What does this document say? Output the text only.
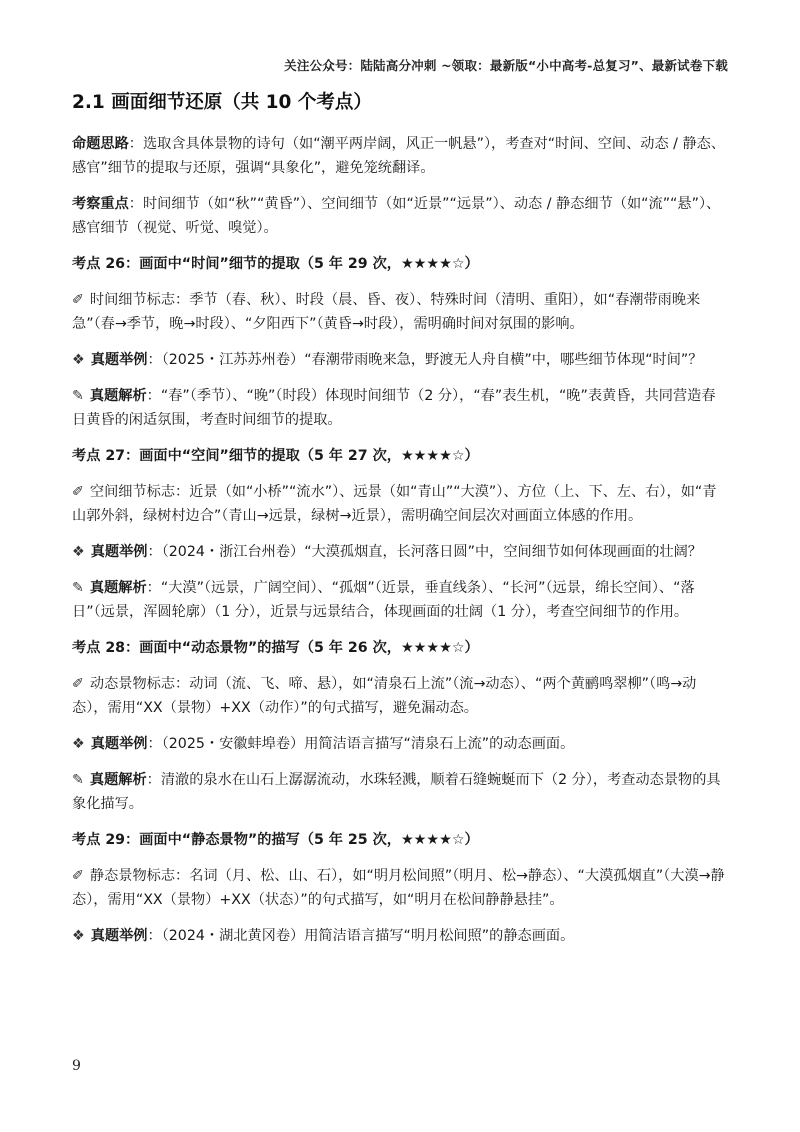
关注公众号：陆陆高分冲刺 ~领取：最新版“小中高考-总复习”、最新试卷下载
2.1 画面细节还原（共 10 个考点）

命题思路：选取含具体景物的诗句（如“潮平两岸阔，风正一帆悬”），考查对“时间、空间、动态 / 静态、感官”细节的提取与还原，强调“具象化”，避免笼统翻译。

考察重点：时间细节（如“秋”“黄昏”）、空间细节（如“近景”“远景”）、动态 / 静态细节（如“流”“悬”）、感官细节（视觉、听觉、嗅觉）。

考点 26：画面中“时间”细节的提取（5 年 29 次，★★★★☆）

✐ 时间细节标志：季节（春、秋）、时段（晨、昏、夜）、特殊时间（清明、重阳），如“春潮带雨晚来急”（春→季节，晚→时段）、“夕阳西下”（黄昏→时段），需明确时间对氛围的影响。

❖ 真题举例：（2025・江苏苏州卷）“春潮带雨晚来急，野渡无人舟自横”中，哪些细节体现“时间”？

✎ 真题解析：“春”（季节）、“晚”（时段）体现时间细节（2 分），“春”表生机，“晚”表黄昏，共同营造春日黄昏的闲适氛围，考查时间细节的提取。

考点 27：画面中“空间”细节的提取（5 年 27 次，★★★★☆）

✐ 空间细节标志：近景（如“小桥”“流水”）、远景（如“青山”“大漠”）、方位（上、下、左、右），如“青山郭外斜，绿树村边合”（青山→远景，绿树→近景），需明确空间层次对画面立体感的作用。

❖ 真题举例：（2024・浙江台州卷）“大漠孤烟直，长河落日圆”中，空间细节如何体现画面的壮阔？

✎ 真题解析：“大漠”（远景，广阔空间）、“孤烟”（近景，垂直线条）、“长河”（远景，绵长空间）、“落日”（远景，浑圆轮廓）（1 分），近景与远景结合，体现画面的壮阔（1 分），考查空间细节的作用。

考点 28：画面中“动态景物”的描写（5 年 26 次，★★★★☆）

✐ 动态景物标志：动词（流、飞、啼、悬），如“清泉石上流”（流→动态）、“两个黄鹂鸣翠柳”（鸣→动态），需用“XX（景物）+XX（动作）”的句式描写，避免漏动态。

❖ 真题举例：（2025・安徽蚌埠卷）用简洁语言描写“清泉石上流”的动态画面。

✎ 真题解析：清澈的泉水在山石上潺潺流动，水珠轻溅，顺着石缝蜿蜒而下（2 分），考查动态景物的具象化描写。

考点 29：画面中“静态景物”的描写（5 年 25 次，★★★★☆）

✐ 静态景物标志：名词（月、松、山、石），如“明月松间照”（明月、松→静态）、“大漠孤烟直”（大漠→静态），需用“XX（景物）+XX（状态）”的句式描写，如“明月在松间静静悬挂”。

❖ 真题举例：（2024・湖北黄冈卷）用简洁语言描写“明月松间照”的静态画面。

9
